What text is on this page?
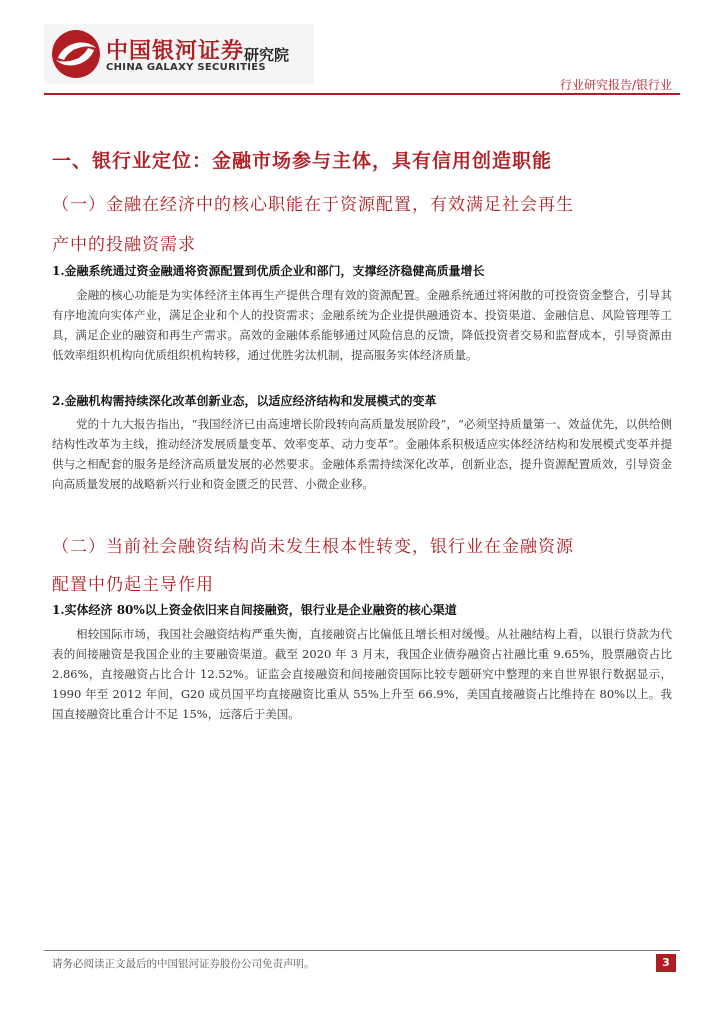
中国银河证券
CHINA GALAXY SECURITIES
研究院
行业研究报告/银行业
一、银行业定位：金融市场参与主体，具有信用创造职能
（一）金融在经济中的核心职能在于资源配置，有效满足社会再生
产中的投融资需求
1.金融系统通过资金融通将资源配置到优质企业和部门，支撑经济稳健高质量增长

金融的核心功能是为实体经济主体再生产提供合理有效的资源配置。金融系统通过将闲散的可投资资金整合，引导其有序地流向实体产业，满足企业和个人的投资需求；金融系统为企业提供融通资本、投资渠道、金融信息、风险管理等工具，满足企业的融资和再生产需求。高效的金融体系能够通过风险信息的反馈，降低投资者交易和监督成本，引导资源由低效率组织机构向优质组织机构转移，通过优胜劣汰机制，提高服务实体经济质量。

2.金融机构需持续深化改革创新业态，以适应经济结构和发展模式的变革

党的十九大报告指出，“我国经济已由高速增长阶段转向高质量发展阶段”，“必须坚持质量第一、效益优先，以供给侧结构性改革为主线，推动经济发展质量变革、效率变革、动力变革”。金融体系积极适应实体经济结构和发展模式变革并提供与之相配套的服务是经济高质量发展的必然要求。金融体系需持续深化改革，创新业态，提升资源配置质效，引导资金向高质量发展的战略新兴行业和资金匮乏的民营、小微企业移。

（二）当前社会融资结构尚未发生根本性转变，银行业在金融资源
配置中仍起主导作用
1.实体经济 80%以上资金依旧来自间接融资，银行业是企业融资的核心渠道

相较国际市场，我国社会融资结构严重失衡，直接融资占比偏低且增长相对缓慢。从社融结构上看，以银行贷款为代表的间接融资是我国企业的主要融资渠道。截至 2020 年 3 月末，我国企业债券融资占社融比重 9.65%，股票融资占比 2.86%，直接融资占比合计 12.52%。证监会直接融资和间接融资国际比较专题研究中整理的来自世界银行数据显示，1990 年至 2012 年间，G20 成员国平均直接融资比重从 55%上升至 66.9%，美国直接融资占比维持在 80%以上。我国直接融资比重合计不足 15%，远落后于美国。

请务必阅读正文最后的中国银河证券股份公司免责声明。	3
